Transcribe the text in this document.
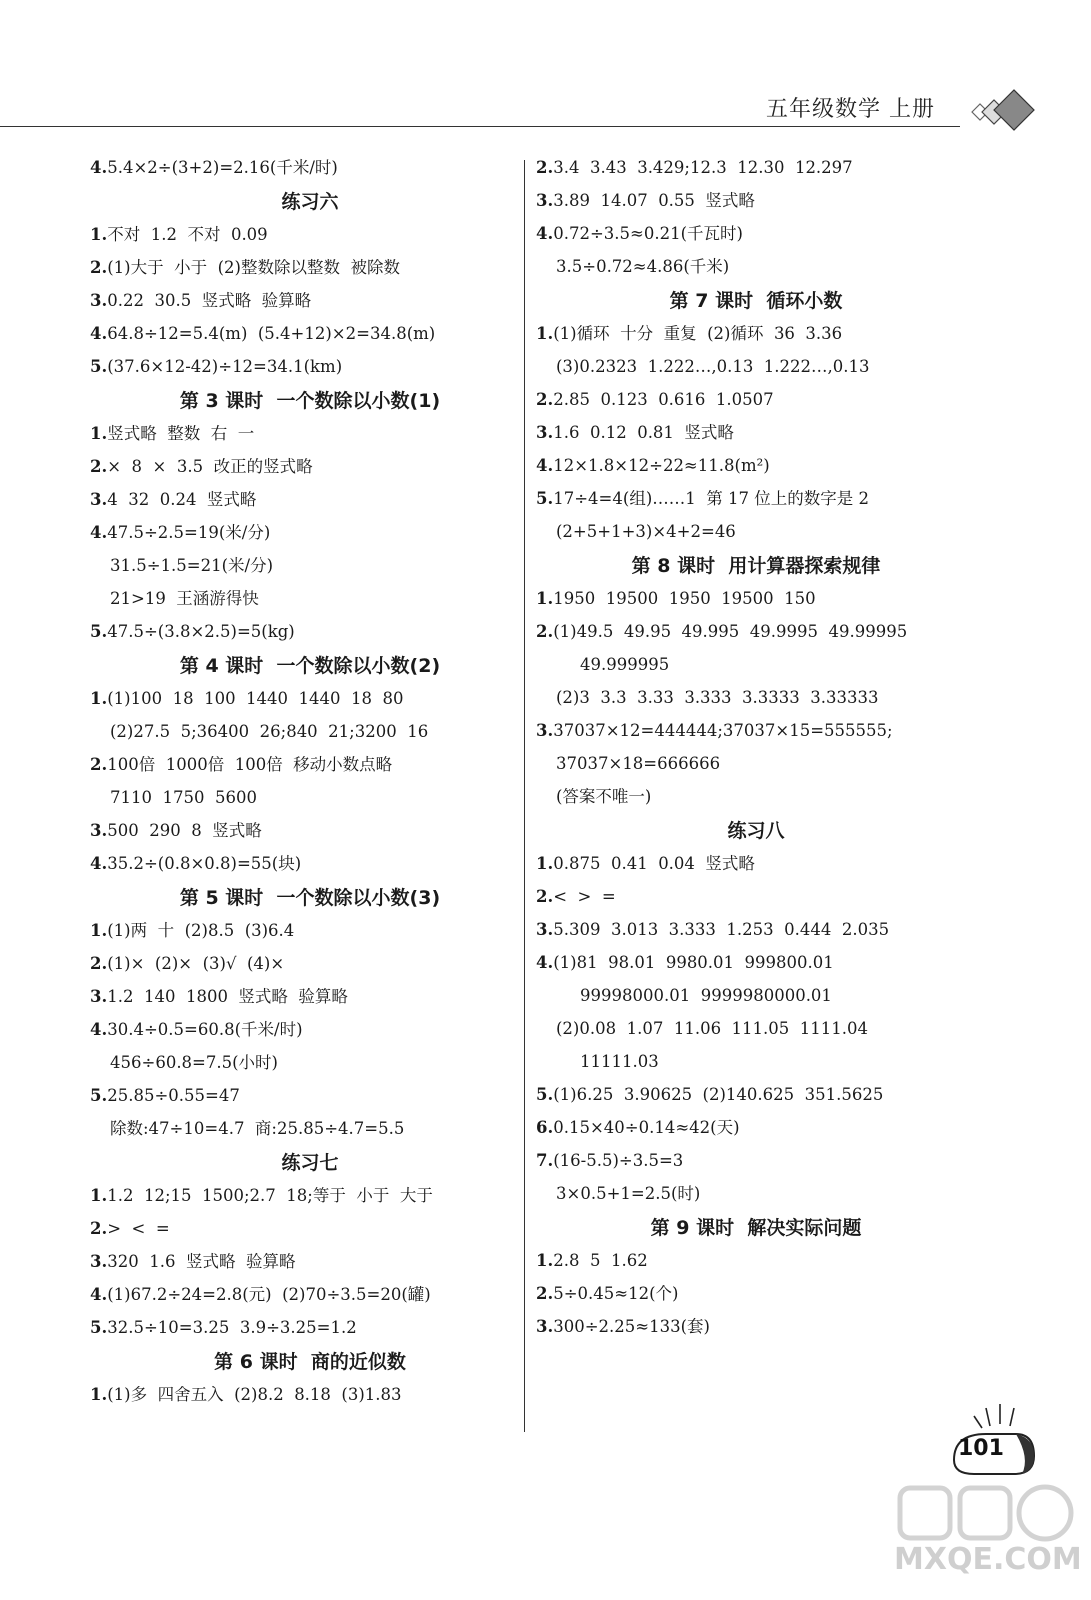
五年级数学 上册
4.5.4×2÷(3+2)=2.16(千米/时)
练习六
1.不对  1.2  不对  0.09
2.(1)大于  小于  (2)整数除以整数  被除数
3.0.22  30.5  竖式略  验算略
4.64.8÷12=5.4(m)  (5.4+12)×2=34.8(m)
5.(37.6×12-42)÷12=34.1(km)
第 3 课时  一个数除以小数(1)
1.竖式略  整数  右  一
2.×  8  ×  3.5  改正的竖式略
3.4  32  0.24  竖式略
4.47.5÷2.5=19(米/分)
31.5÷1.5=21(米/分)
21>19  王涵游得快
5.47.5÷(3.8×2.5)=5(kg)
第 4 课时  一个数除以小数(2)
1.(1)100  18  100  1440  1440  18  80
(2)27.5  5;36400  26;840  21;3200  16
2.100倍  1000倍  100倍  移动小数点略
7110  1750  5600
3.500  290  8  竖式略
4.35.2÷(0.8×0.8)=55(块)
第 5 课时  一个数除以小数(3)
1.(1)两  十  (2)8.5  (3)6.4
2.(1)×  (2)×  (3)√  (4)×
3.1.2  140  1800  竖式略  验算略
4.30.4÷0.5=60.8(千米/时)
456÷60.8=7.5(小时)
5.25.85÷0.55=47
除数:47÷10=4.7  商:25.85÷4.7=5.5
练习七
1.1.2  12;15  1500;2.7  18;等于  小于  大于
2.>  <  =
3.320  1.6  竖式略  验算略
4.(1)67.2÷24=2.8(元)  (2)70÷3.5=20(罐)
5.32.5÷10=3.25  3.9÷3.25=1.2
第 6 课时  商的近似数
1.(1)多  四舍五入  (2)8.2  8.18  (3)1.83
2.3.4  3.43  3.429;12.3  12.30  12.297
3.3.89  14.07  0.55  竖式略
4.0.72÷3.5≈0.21(千瓦时)
3.5÷0.72≈4.86(千米)
第 7 课时  循环小数
1.(1)循环  十分  重复  (2)循环  36  3.36
(3)0.2323  1.222…,0.13  1.222…,0.13
2.2.85  0.123  0.616  1.0507
3.1.6  0.12  0.81  竖式略
4.12×1.8×12÷22≈11.8(m²)
5.17÷4=4(组)……1  第 17 位上的数字是 2
(2+5+1+3)×4+2=46
第 8 课时  用计算器探索规律
1.1950  19500  1950  19500  150
2.(1)49.5  49.95  49.995  49.9995  49.99995
49.999995
(2)3  3.3  3.33  3.333  3.3333  3.33333
3.37037×12=444444;37037×15=555555;
37037×18=666666
(答案不唯一)
练习八
1.0.875  0.41  0.04  竖式略
2.<  >  =
3.5.309  3.013  3.333  1.253  0.444  2.035
4.(1)81  98.01  9980.01  999800.01
99998000.01  9999980000.01
(2)0.08  1.07  11.06  111.05  1111.04
11111.03
5.(1)6.25  3.90625  (2)140.625  351.5625
6.0.15×40÷0.14≈42(天)
7.(16-5.5)÷3.5=3
3×0.5+1=2.5(时)
第 9 课时  解决实际问题
1.2.8  5  1.62
2.5÷0.45≈12(个)
3.300÷2.25≈133(套)
101
MXQE.COM
